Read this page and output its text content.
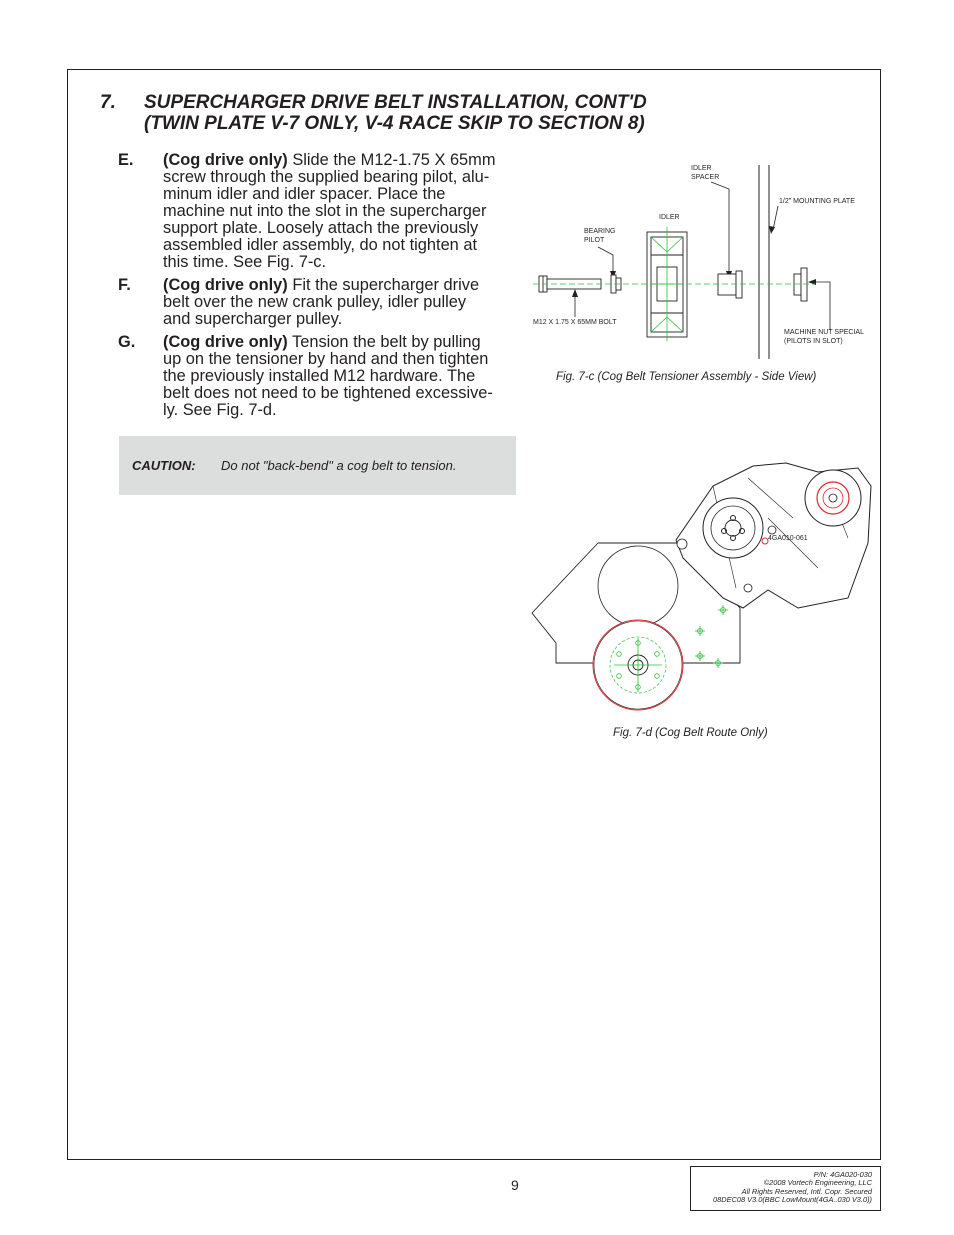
7. SUPERCHARGER DRIVE BELT INSTALLATION, CONT'D
(TWIN PLATE V-7 ONLY, V-4 RACE SKIP TO SECTION 8)
E. (Cog drive only) Slide the M12-1.75 X 65mm
screw through the supplied bearing pilot, alu-
minum idler and idler spacer. Place the
machine nut into the slot in the supercharger
support plate. Loosely attach the previously
assembled idler assembly, do not tighten at
this time. See Fig. 7-c.
F. (Cog drive only) Fit the supercharger drive
belt over the new crank pulley, idler pulley
and supercharger pulley.
G. (Cog drive only) Tension the belt by pulling
up on the tensioner by hand and then tighten
the previously installed M12 hardware. The
belt does not need to be tightened excessive-
ly. See Fig. 7-d.
CAUTION: Do not "back-bend" a cog belt to tension.
IDLER
SPACER
IDLER
BEARING
PILOT
1/2" MOUNTING PLATE
M12 X 1.75 X 65MM BOLT
MACHINE NUT SPECIAL
(PILOTS IN SLOT)
Fig. 7-c (Cog Belt Tensioner Assembly - Side View)
4GA010-061
Fig. 7-d (Cog Belt Route Only)
9
P/N: 4GA020-030
©2008 Vortech Engineering, LLC
All Rights Reserved, Intl. Copr. Secured
08DEC08 V3.0(BBC LowMount(4GA..030 V3.0))
